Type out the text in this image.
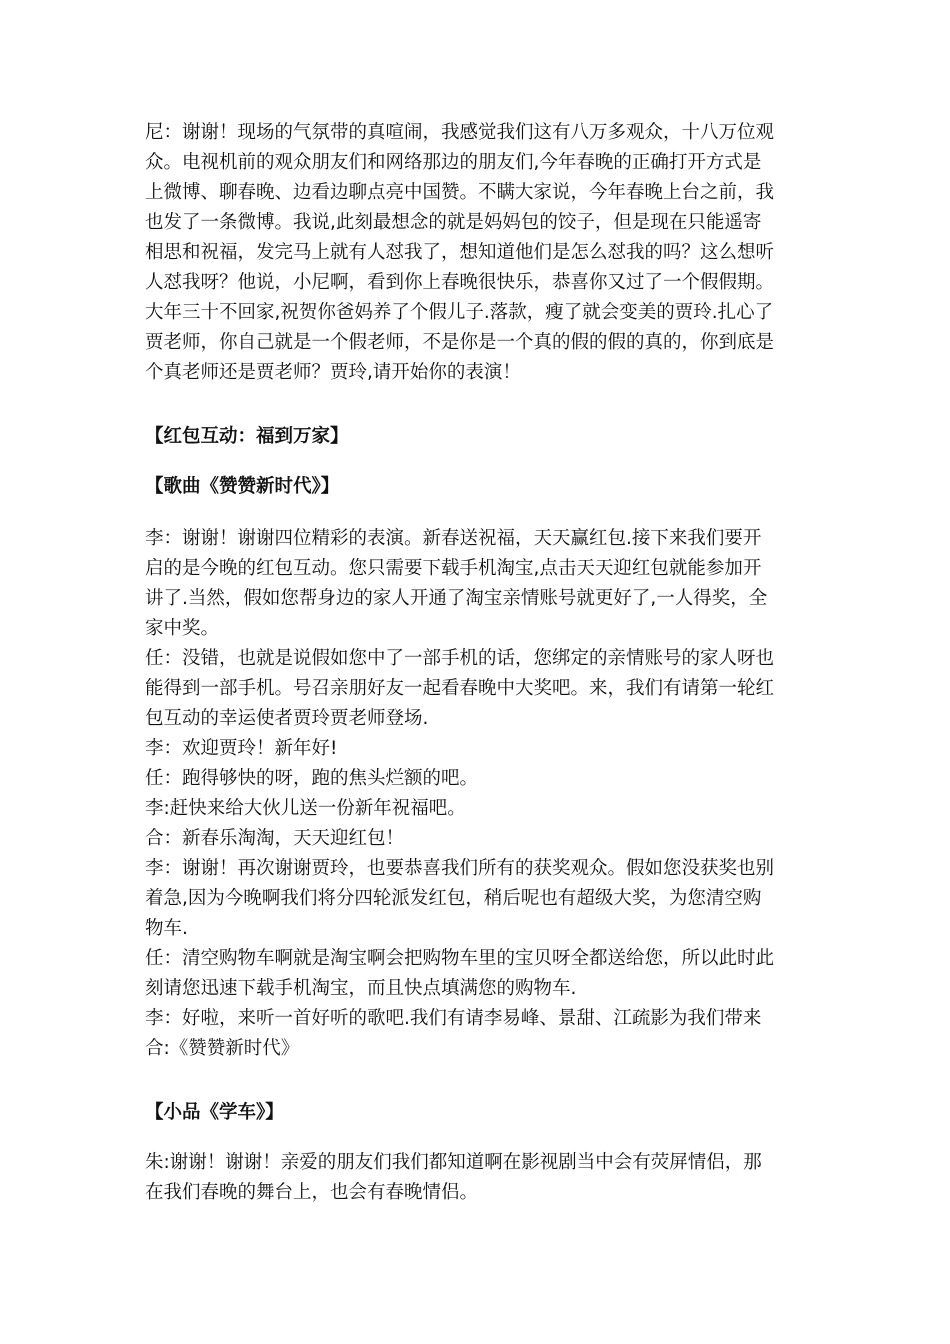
尼：谢谢！现场的气氛带的真喧闹，我感觉我们这有八万多观众，十八万位观
众。电视机前的观众朋友们和网络那边的朋友们,今年春晚的正确打开方式是
上微博、聊春晚、边看边聊点亮中国赞。不瞒大家说，今年春晚上台之前，我
也发了一条微博。我说,此刻最想念的就是妈妈包的饺子，但是现在只能遥寄
相思和祝福，发完马上就有人怼我了，想知道他们是怎么怼我的吗？这么想听
人怼我呀？他说，小尼啊，看到你上春晚很快乐，恭喜你又过了一个假假期。
大年三十不回家,祝贺你爸妈养了个假儿子.落款，瘦了就会变美的贾玲.扎心了
贾老师，你自己就是一个假老师，不是你是一个真的假的假的真的，你到底是
个真老师还是贾老师？贾玲,请开始你的表演！
【红包互动：福到万家】
【歌曲《赞赞新时代》】
李：谢谢！谢谢四位精彩的表演。新春送祝福，天天赢红包.接下来我们要开
启的是今晚的红包互动。您只需要下载手机淘宝,点击天天迎红包就能参加开
讲了.当然，假如您帮身边的家人开通了淘宝亲情账号就更好了,一人得奖，全
家中奖。
任：没错，也就是说假如您中了一部手机的话，您绑定的亲情账号的家人呀也
能得到一部手机。号召亲朋好友一起看春晚中大奖吧。来，我们有请第一轮红
包互动的幸运使者贾玲贾老师登场.
李：欢迎贾玲！新年好!
任：跑得够快的呀，跑的焦头烂额的吧。
李:赶快来给大伙儿送一份新年祝福吧。
合：新春乐淘淘，天天迎红包！
李：谢谢！再次谢谢贾玲，也要恭喜我们所有的获奖观众。假如您没获奖也别
着急,因为今晚啊我们将分四轮派发红包，稍后呢也有超级大奖，为您清空购
物车.
任：清空购物车啊就是淘宝啊会把购物车里的宝贝呀全都送给您，所以此时此
刻请您迅速下载手机淘宝，而且快点填满您的购物车.
李：好啦，来听一首好听的歌吧.我们有请李易峰、景甜、江疏影为我们带来
合:《赞赞新时代》
【小品《学车》】
朱:谢谢！谢谢！亲爱的朋友们我们都知道啊在影视剧当中会有荧屏情侣，那
在我们春晚的舞台上，也会有春晚情侣。
